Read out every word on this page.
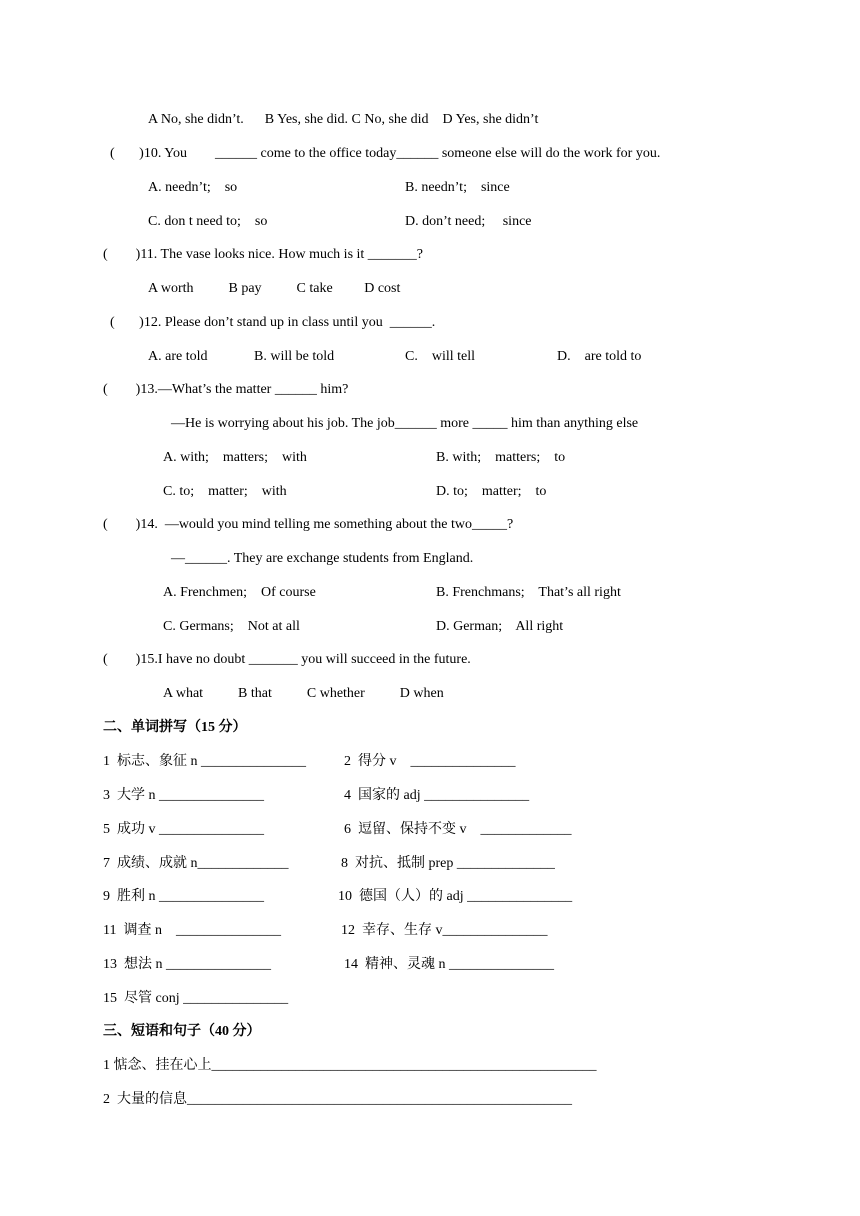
A No, she didn’t.      B Yes, she did. C No, she did    D Yes, she didn’t
(       )10. You        ______ come to the office today______ someone else will do the work for you.
A. needn’t;    so	B. needn’t;    since
C. don t need to;    so	D. don’t need;     since
(        )11. The vase looks nice. How much is it _______?
A worth          B pay          C take         D cost
(       )12. Please don’t stand up in class until you  ______.
A. are told	B. will be told	C.    will tell	D.    are told to
(        )13.—What’s the matter ______ him?
—He is worrying about his job. The job______ more _____ him than anything else
A. with;    matters;    with	B. with;    matters;    to
C. to;    matter;    with	D. to;    matter;    to
(        )14.  —would you mind telling me something about the two_____?
—______. They are exchange students from England.
A. Frenchmen;    Of course	B. Frenchmans;    That’s all right
C. Germans;    Not at all	D. German;    All right
(        )15.I have no doubt _______ you will succeed in the future.
A what          B that          C whether          D when
二、单词拼写（15 分）
1  标志、象征 n _______________	2  得分 v    _______________
3  大学 n _______________	4  国家的 adj _______________
5  成功 v _______________	6  逗留、保持不变 v    _____________
7  成绩、成就 n_____________	8  对抗、抵制 prep ______________
9  胜利 n _______________	10  德国（人）的 adj _______________
11  调查 n    _______________	12  幸存、生存 v_______________
13  想法 n _______________	14  精神、灵魂 n _______________
15  尽管 conj _______________
三、短语和句子（40 分）
1 惦念、挂在心上_______________________________________________________
2  大量的信息_______________________________________________________
